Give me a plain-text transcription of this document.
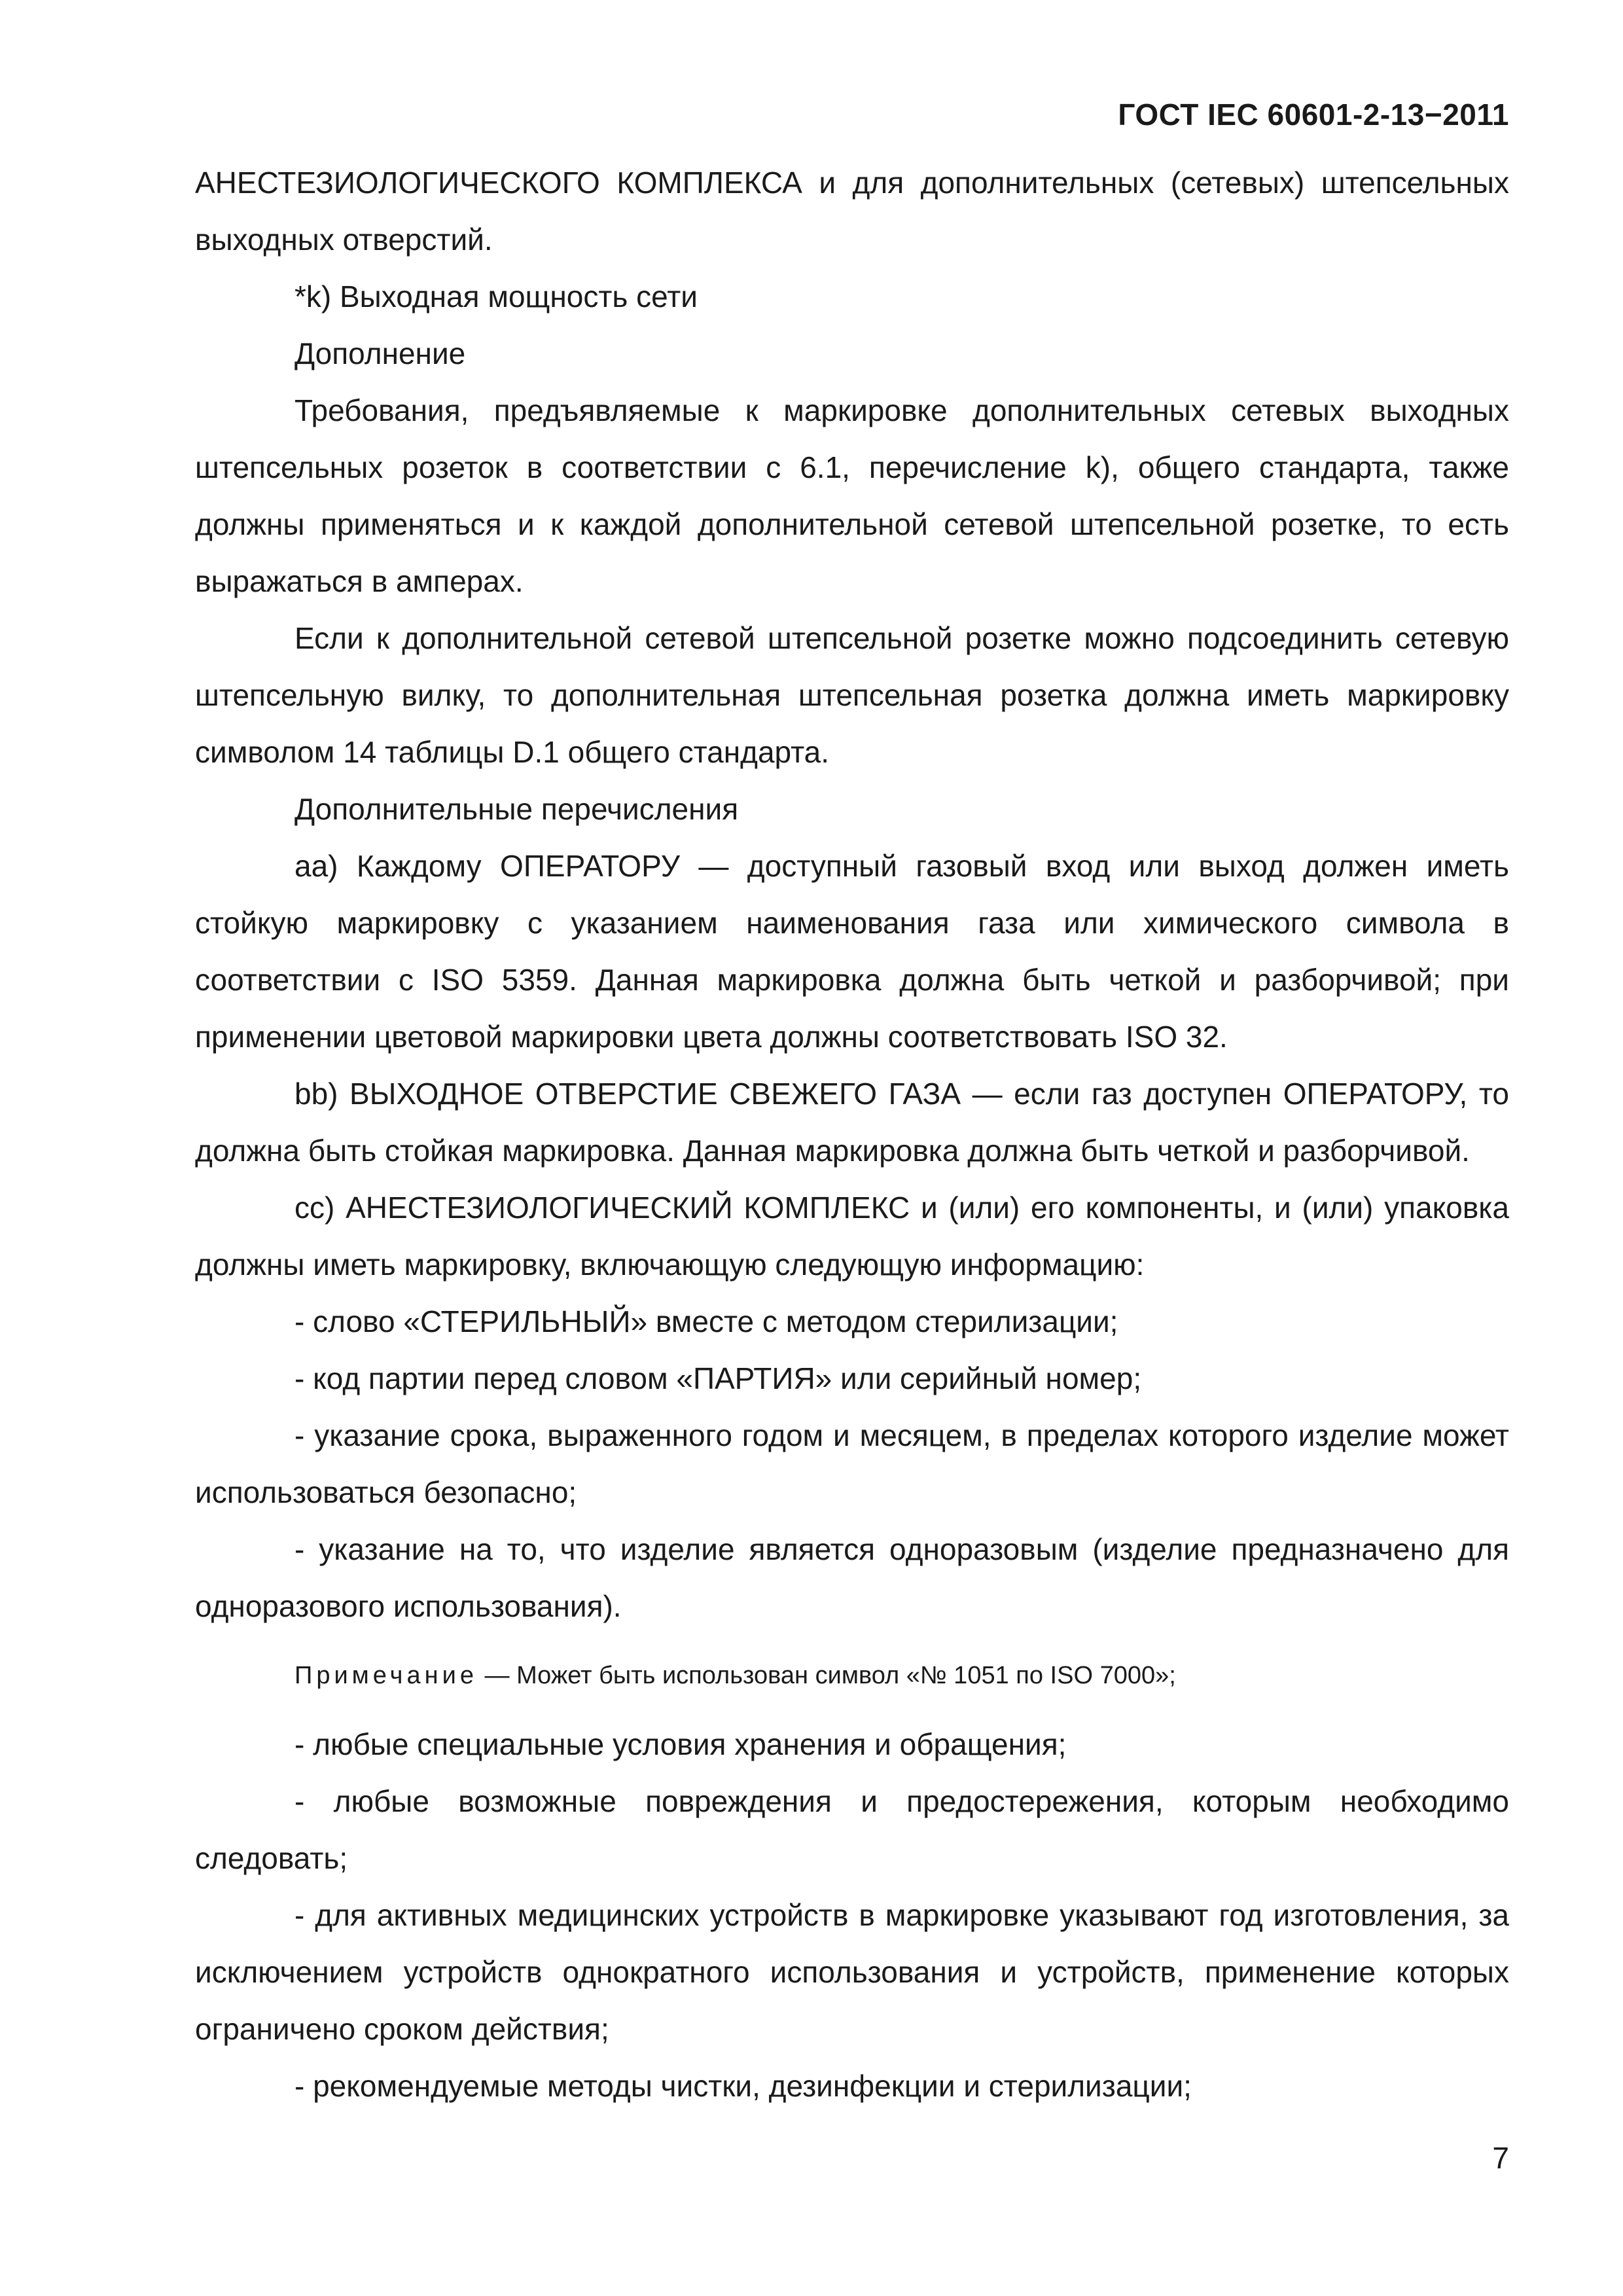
ГОСТ IEC 60601-2-13−2011

АНЕСТЕЗИОЛОГИЧЕСКОГО КОМПЛЕКСА и для дополнительных (сетевых) штепсельных выходных отверстий.

*k) Выходная мощность сети

Дополнение

Требования, предъявляемые к маркировке дополнительных сетевых выходных штепсельных розеток в соответствии с 6.1, перечисление k), общего стандарта, также должны применяться и к каждой дополнительной сетевой штепсельной розетке, то есть выражаться в амперах.

Если к дополнительной сетевой штепсельной розетке можно подсоединить сетевую штепсельную вилку, то дополнительная штепсельная розетка должна иметь маркировку символом 14 таблицы D.1 общего стандарта.

Дополнительные перечисления

аа) Каждому ОПЕРАТОРУ — доступный газовый вход или выход должен иметь стойкую маркировку с указанием наименования газа или химического символа в соответствии с ISO 5359. Данная маркировка должна быть четкой и разборчивой; при применении цветовой маркировки цвета должны соответствовать ISO 32.

bb) ВЫХОДНОЕ ОТВЕРСТИЕ СВЕЖЕГО ГАЗА — если газ доступен ОПЕРАТОРУ, то должна быть стойкая маркировка. Данная маркировка должна быть четкой и разборчивой.

сс) АНЕСТЕЗИОЛОГИЧЕСКИЙ КОМПЛЕКС и (или) его компоненты, и (или) упаковка должны иметь маркировку, включающую следующую информацию:

- слово «СТЕРИЛЬНЫЙ» вместе с методом стерилизации;

- код партии перед словом «ПАРТИЯ» или серийный номер;

- указание срока, выраженного годом и месяцем, в пределах которого изделие может использоваться безопасно;

- указание на то, что изделие является одноразовым (изделие предназначено для одноразового использования).

Примечание — Может быть использован символ «№ 1051 по ISO 7000»;

- любые специальные условия хранения и обращения;

- любые возможные повреждения и предостережения, которым необходимо следовать;

- для активных медицинских устройств в маркировке указывают год изготовления, за исключением устройств однократного использования и устройств, применение которых ограничено сроком действия;

- рекомендуемые методы чистки, дезинфекции и стерилизации;

7
